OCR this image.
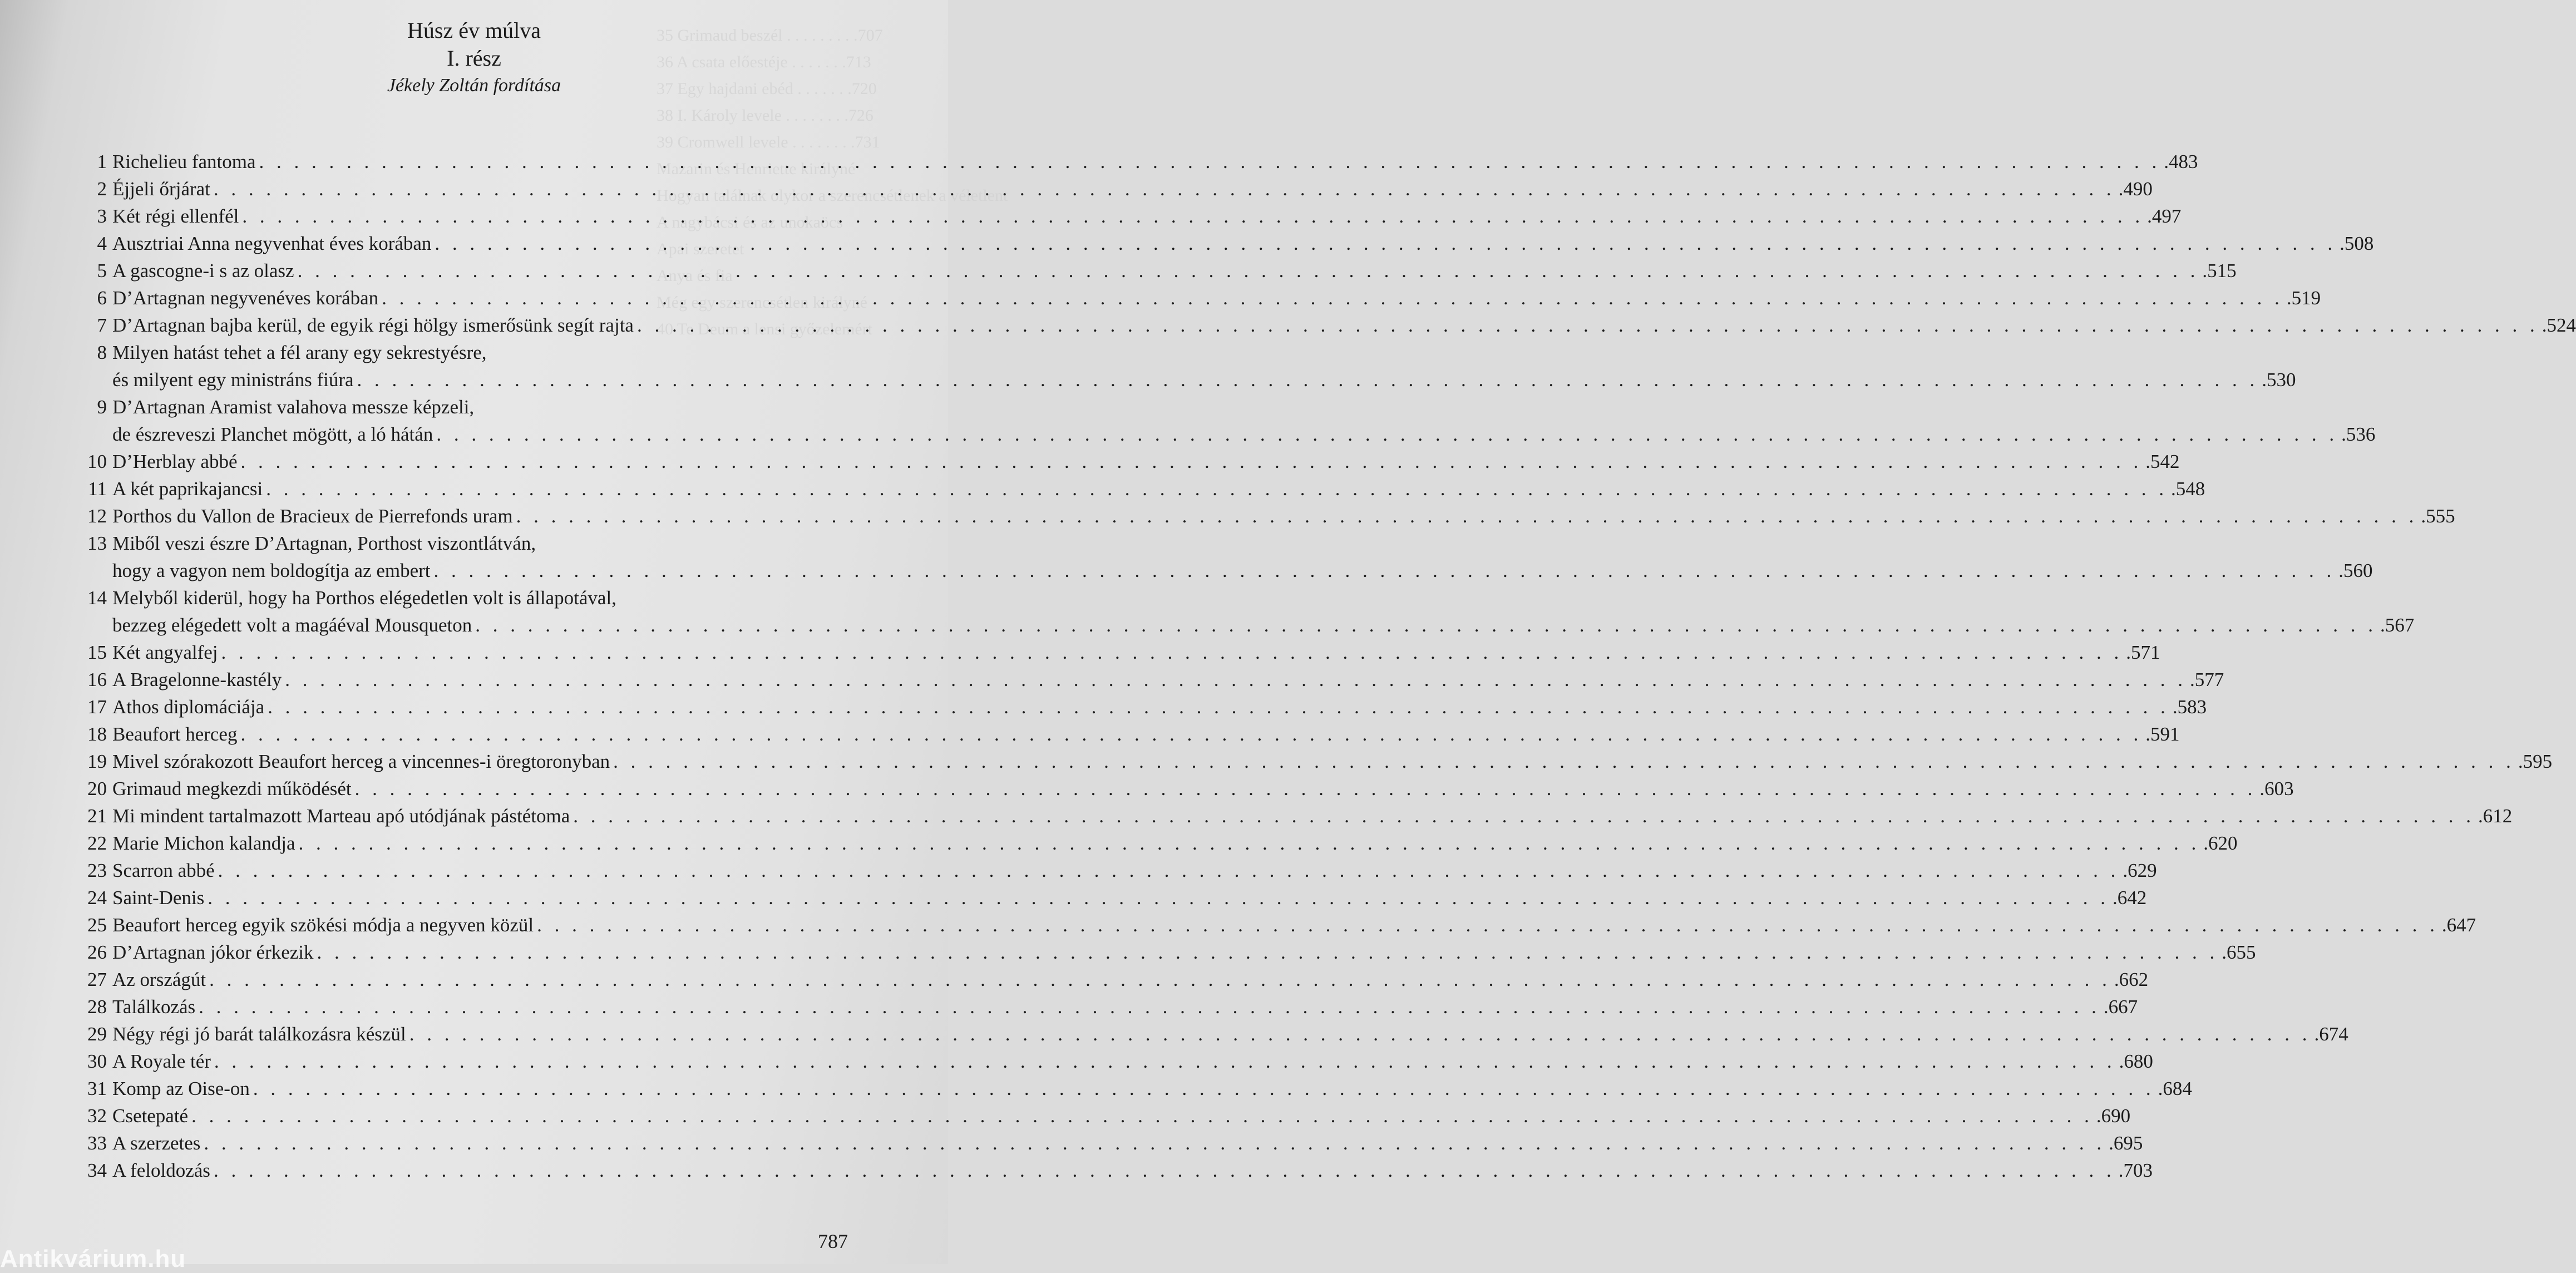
35 Grimaud beszél . . . . . . . . .707
36 A csata előestéje . . . . . . .713
37 Egy hajdani ebéd . . . . . . .720
38 I. Károly levele . . . . . . . .726
39 Cromwell levele . . . . . . . .731
Mazarin és Henriette királyné
Hogyan találnak olykor a szerencsétlenek a véletlent
A nagybácsi és az unokaöcs
Apai szeretet
Anya és fia
Még egy szerencsétlen királyné
40 Te Deum a lensi győzelemért
Húsz év múlva
I. rész
Jékely Zoltán fordítása
1 Richelieu fantoma . . .	.483
2 Éjjeli őrjárat . . .	.490
3 Két régi ellenfél . . .	.497
4 Ausztriai Anna negyvenhat éves korában . . .	.508
5 A gascogne-i s az olasz . . .	.515
6 D’Artagnan negyvenéves korában . . .	.519
7 D’Artagnan bajba kerül, de egyik régi hölgy ismerősünk segít rajta . . .	.524
8 Milyen hatást tehet a fél arany egy sekrestyésre,
és milyent egy ministráns fiúra . . .	.530
9 D’Artagnan Aramist valahova messze képzeli,
de észreveszi Planchet mögött, a ló hátán . . .	.536
10 D’Herblay abbé . . .	.542
11 A két paprikajancsi . . .	.548
12 Porthos du Vallon de Bracieux de Pierrefonds uram . . .	.555
13 Miből veszi észre D’Artagnan, Porthost viszontlátván,
hogy a vagyon nem boldogítja az embert . . .	.560
14 Melyből kiderül, hogy ha Porthos elégedetlen volt is állapotával,
bezzeg elégedett volt a magáéval Mousqueton . . .	.567
15 Két angyalfej . . .	.571
16 A Bragelonne-kastély . . .	.577
17 Athos diplomáciája . . .	.583
18 Beaufort herceg . . .	.591
19 Mivel szórakozott Beaufort herceg a vincennes-i öregtoronyban . . .	.595
20 Grimaud megkezdi működését . . .	.603
21 Mi mindent tartalmazott Marteau apó utódjának pástétoma . . .	.612
22 Marie Michon kalandja . . .	.620
23 Scarron abbé . . .	.629
24 Saint-Denis . . .	.642
25 Beaufort herceg egyik szökési módja a negyven közül . . .	.647
26 D’Artagnan jókor érkezik . . .	.655
27 Az országút . . .	.662
28 Találkozás . . .	.667
29 Négy régi jó barát találkozásra készül . . .	.674
30 A Royale tér . . .	.680
31 Komp az Oise-on . . .	.684
32 Csetepaté . . .	.690
33 A szerzetes . . .	.695
34 A feloldozás . . .	.703
787
Antikvárium.hu
